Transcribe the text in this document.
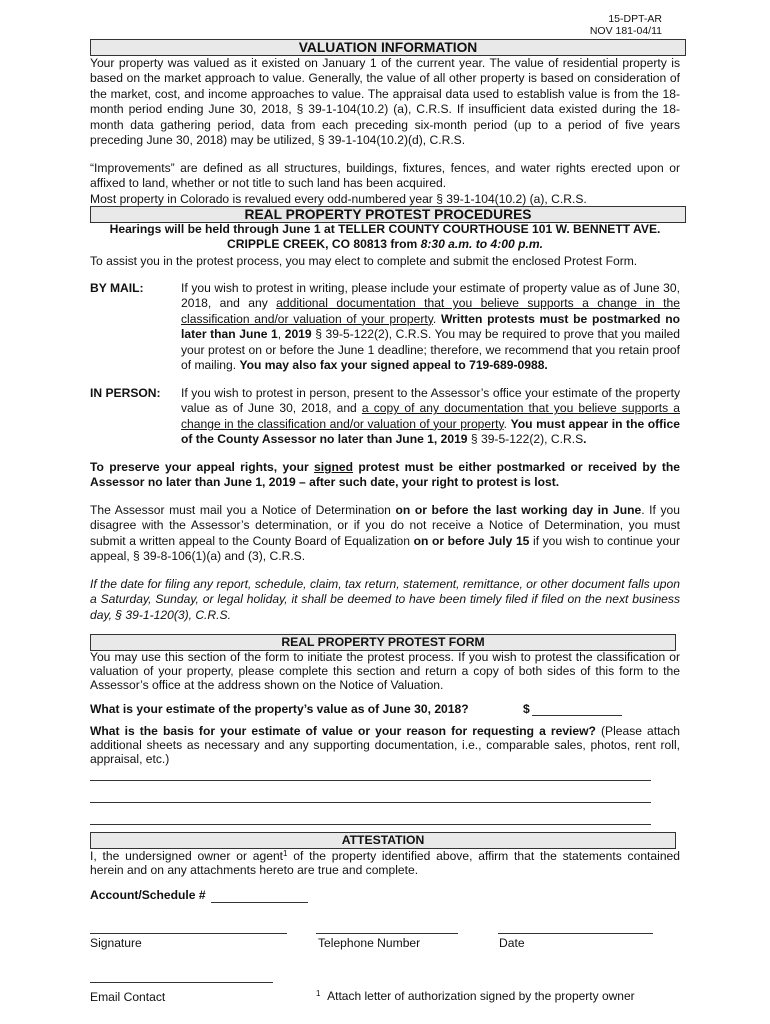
15-DPT-AR
NOV 181-04/11
VALUATION INFORMATION
Your property was valued as it existed on January 1 of the current year. The value of residential property is based on the market approach to value. Generally, the value of all other property is based on consideration of the market, cost, and income approaches to value. The appraisal data used to establish value is from the 18-month period ending June 30, 2018, § 39-1-104(10.2) (a), C.R.S. If insufficient data existed during the 18-month data gathering period, data from each preceding six-month period (up to a period of five years preceding June 30, 2018) may be utilized, § 39-1-104(10.2)(d), C.R.S.
“Improvements” are defined as all structures, buildings, fixtures, fences, and water rights erected upon or affixed to land, whether or not title to such land has been acquired.
Most property in Colorado is revalued every odd-numbered year § 39-1-104(10.2) (a), C.R.S.
REAL PROPERTY PROTEST PROCEDURES
Hearings will be held through June 1 at TELLER COUNTY COURTHOUSE 101 W. BENNETT AVE.
CRIPPLE CREEK, CO 80813 from 8:30 a.m. to 4:00 p.m.
To assist you in the protest process, you may elect to complete and submit the enclosed Protest Form.
BY MAIL:	If you wish to protest in writing, please include your estimate of property value as of June 30, 2018, and any additional documentation that you believe supports a change in the classification and/or valuation of your property. Written protests must be postmarked no later than June 1, 2019 § 39-5-122(2), C.R.S. You may be required to prove that you mailed your protest on or before the June 1 deadline; therefore, we recommend that you retain proof of mailing. You may also fax your signed appeal to 719-689-0988.
IN PERSON: If you wish to protest in person, present to the Assessor’s office your estimate of the property value as of June 30, 2018, and a copy of any documentation that you believe supports a change in the classification and/or valuation of your property. You must appear in the office of the County Assessor no later than June 1, 2019 § 39-5-122(2), C.R.S.
To preserve your appeal rights, your signed protest must be either postmarked or received by the Assessor no later than June 1, 2019 – after such date, your right to protest is lost.
The Assessor must mail you a Notice of Determination on or before the last working day in June. If you disagree with the Assessor’s determination, or if you do not receive a Notice of Determination, you must submit a written appeal to the County Board of Equalization on or before July 15 if you wish to continue your appeal, § 39-8-106(1)(a) and (3), C.R.S.
If the date for filing any report, schedule, claim, tax return, statement, remittance, or other document falls upon a Saturday, Sunday, or legal holiday, it shall be deemed to have been timely filed if filed on the next business day, § 39-1-120(3), C.R.S.
REAL PROPERTY PROTEST FORM
You may use this section of the form to initiate the protest process. If you wish to protest the classification or valuation of your property, please complete this section and return a copy of both sides of this form to the Assessor’s office at the address shown on the Notice of Valuation.
What is your estimate of the property’s value as of June 30, 2018?	$
What is the basis for your estimate of value or your reason for requesting a review? (Please attach additional sheets as necessary and any supporting documentation, i.e., comparable sales, photos, rent roll, appraisal, etc.)
ATTESTATION
I, the undersigned owner or agent$^1$ of the property identified above, affirm that the statements contained herein and on any attachments hereto are true and complete.
Account/Schedule #
Signature	Telephone Number	Date
Email Contact	$^1$ Attach letter of authorization signed by the property owner
